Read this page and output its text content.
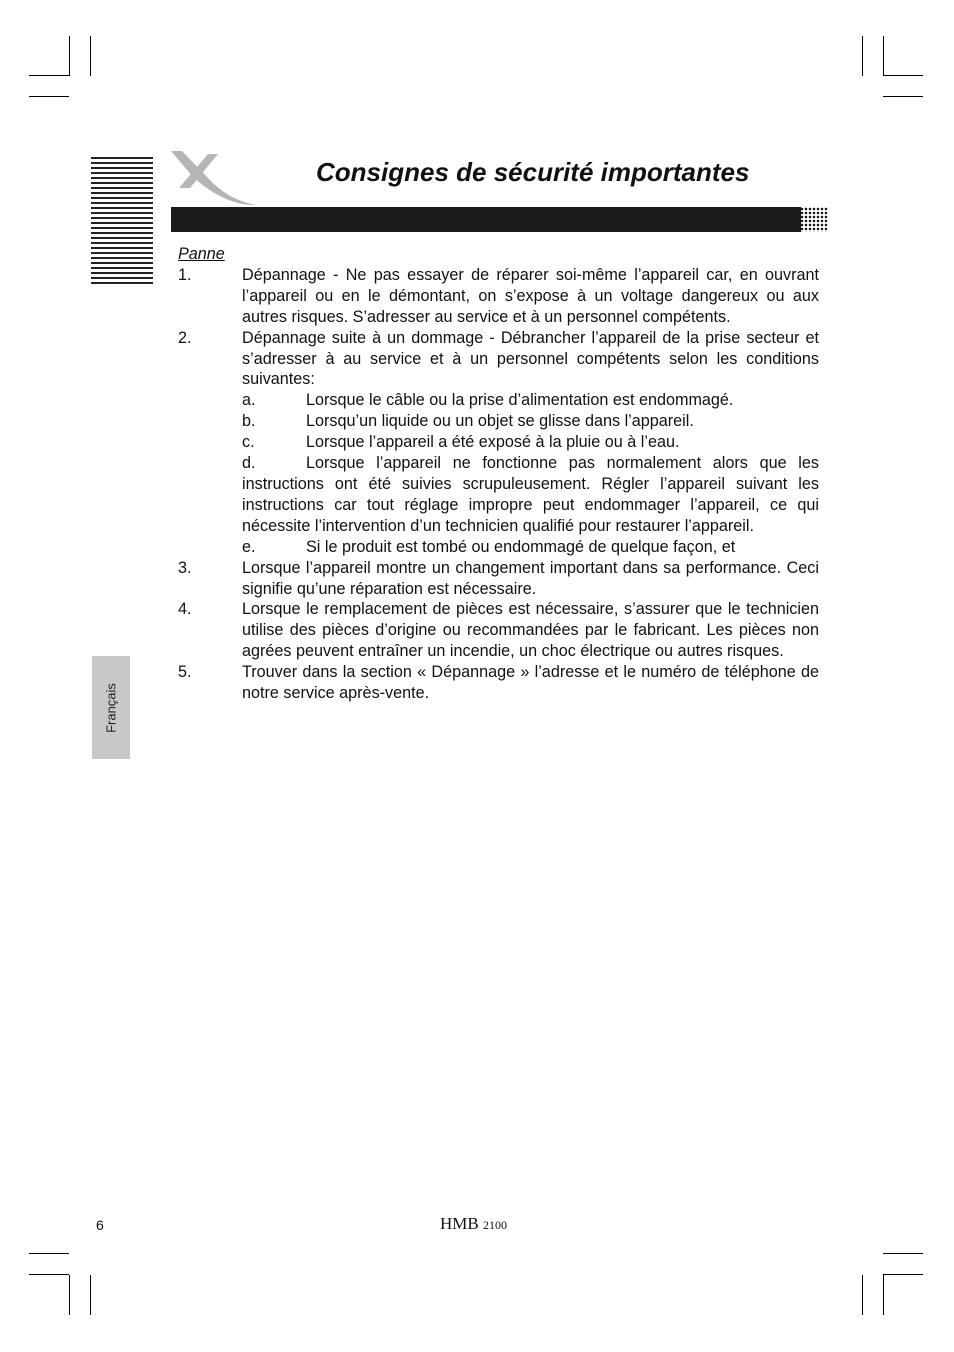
Consignes de sécurité importantes
Panne
1.	Dépannage - Ne pas essayer de réparer soi-même l’appareil car, en ouvrant l’appareil ou en le démontant, on s’expose à un voltage dangereux ou aux autres risques. S’adresser au service et à un personnel compétents.
2.	Dépannage suite à un dommage - Débrancher l’appareil de la prise secteur et s’adresser à au service et à un personnel compétents selon les conditions suivantes:
a.	Lorsque le câble ou la prise d’alimentation est endommagé.
b.	Lorsqu’un liquide ou un objet se glisse dans l’appareil.
c.	Lorsque l’appareil a été exposé à la pluie ou à l’eau.
d.	Lorsque l’appareil ne fonctionne pas normalement alors que les instructions ont été suivies scrupuleusement. Régler l’appareil suivant les instructions car tout réglage impropre peut endommager l’appareil, ce qui nécessite l’intervention d’un technicien qualifié pour restaurer l’appareil.
e.	Si le produit est tombé ou endommagé de quelque façon, et
3.	Lorsque l’appareil montre un changement important dans sa performance. Ceci signifie qu’une réparation est nécessaire.
4.	Lorsque le remplacement de pièces est nécessaire, s’assurer que le technicien utilise des pièces d’origine ou recommandées par le fabricant. Les pièces non agrées peuvent entraîner un incendie, un choc électrique ou autres risques.
5.	Trouver dans la section « Dépannage » l’adresse et le numéro de téléphone de notre service après-vente.
Français
6	HMB 2100
